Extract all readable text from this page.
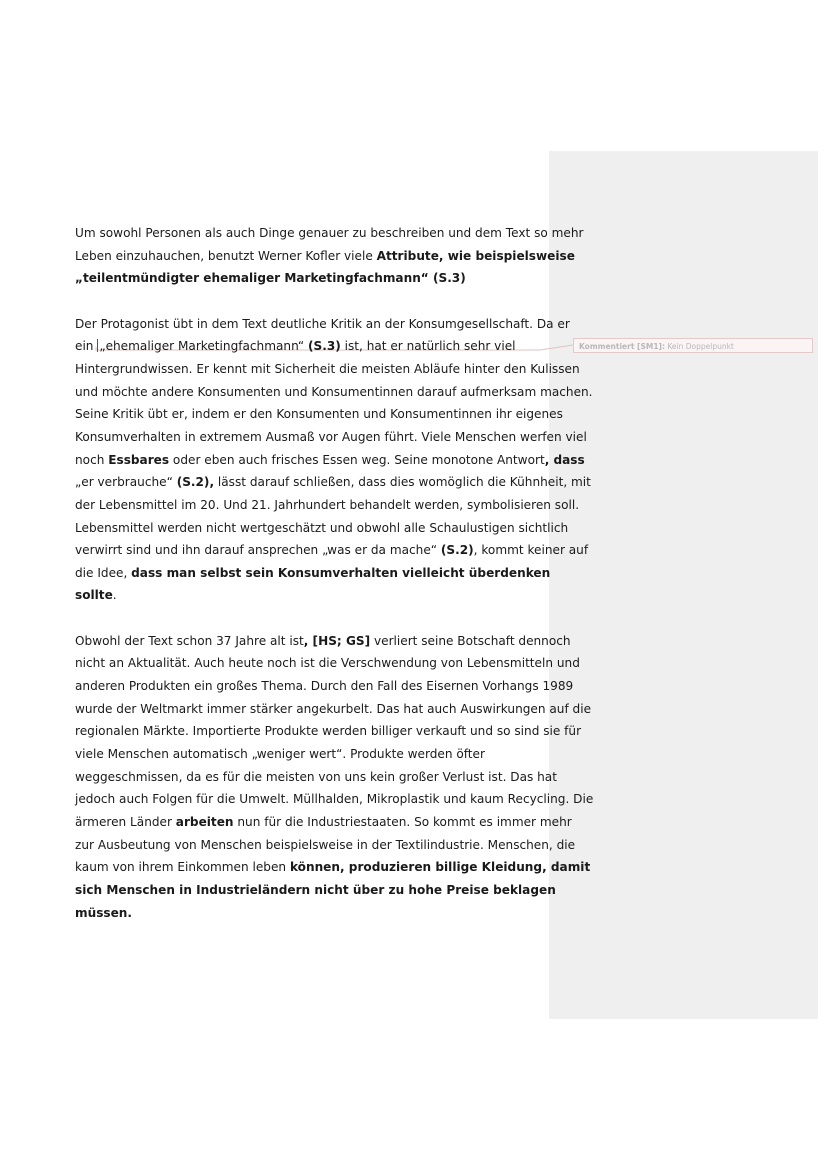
Um sowohl Personen als auch Dinge genauer zu beschreiben und dem Text so mehr
Leben einzuhauchen, benutzt Werner Kofler viele Attribute, wie beispielsweise
„teilentmündigter ehemaliger Marketingfachmann“ (S.3)
Der Protagonist übt in dem Text deutliche Kritik an der Konsumgesellschaft. Da er
ein „ehemaliger Marketingfachmann“ (S.3) ist, hat er natürlich sehr viel
Hintergrundwissen. Er kennt mit Sicherheit die meisten Abläufe hinter den Kulissen
und möchte andere Konsumenten und Konsumentinnen darauf aufmerksam machen.
Seine Kritik übt er, indem er den Konsumenten und Konsumentinnen ihr eigenes
Konsumverhalten in extremem Ausmaß vor Augen führt. Viele Menschen werfen viel
noch Essbares oder eben auch frisches Essen weg. Seine monotone Antwort, dass
„er verbrauche“ (S.2), lässt darauf schließen, dass dies womöglich die Kühnheit, mit
der Lebensmittel im 20. Und 21. Jahrhundert behandelt werden, symbolisieren soll.
Lebensmittel werden nicht wertgeschätzt und obwohl alle Schaulustigen sichtlich
verwirrt sind und ihn darauf ansprechen „was er da mache“ (S.2), kommt keiner auf
die Idee, dass man selbst sein Konsumverhalten vielleicht überdenken
sollte.
Obwohl der Text schon 37 Jahre alt ist, [HS; GS] verliert seine Botschaft dennoch
nicht an Aktualität. Auch heute noch ist die Verschwendung von Lebensmitteln und
anderen Produkten ein großes Thema. Durch den Fall des Eisernen Vorhangs 1989
wurde der Weltmarkt immer stärker angekurbelt. Das hat auch Auswirkungen auf die
regionalen Märkte. Importierte Produkte werden billiger verkauft und so sind sie für
viele Menschen automatisch „weniger wert“. Produkte werden öfter
weggeschmissen, da es für die meisten von uns kein großer Verlust ist. Das hat
jedoch auch Folgen für die Umwelt. Müllhalden, Mikroplastik und kaum Recycling. Die
ärmeren Länder arbeiten nun für die Industriestaaten. So kommt es immer mehr
zur Ausbeutung von Menschen beispielsweise in der Textilindustrie. Menschen, die
kaum von ihrem Einkommen leben können, produzieren billige Kleidung, damit
sich Menschen in Industrieländern nicht über zu hohe Preise beklagen
müssen.
Kommentiert [SM1]: Kein Doppelpunkt
